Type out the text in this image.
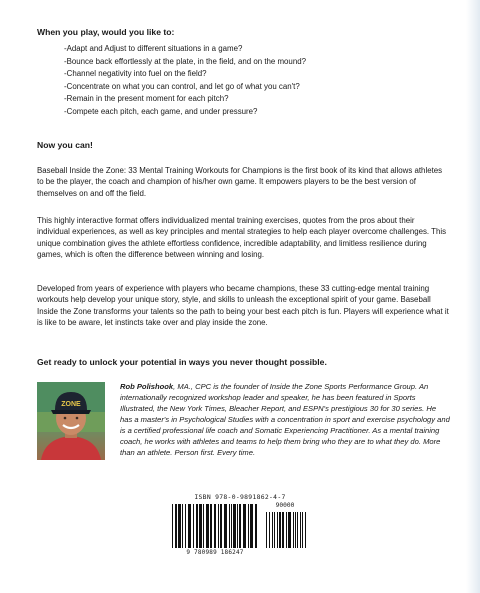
When you play, would you like to:
-Adapt and Adjust to different situations in a game?
-Bounce back effortlessly at the plate, in the field, and on the mound?
-Channel negativity into fuel on the field?
-Concentrate on what you can control, and let go of what you can't?
-Remain in the present moment for each pitch?
-Compete each pitch, each game, and under pressure?
Now you can!

Baseball Inside the Zone: 33 Mental Training Workouts for Champions is the first book of its kind that allows athletes to be the player, the coach and champion of his/her own game. It empowers players to be the best version of themselves on and off the field.

This highly interactive format offers individualized mental training exercises, quotes from the pros about their individual experiences, as well as key principles and mental strategies to help each player overcome challenges. This unique combination gives the athlete effortless confidence, incredible adaptability, and limitless resilience during games, which is often the difference between winning and losing.

Developed from years of experience with players who became champions, these 33 cutting-edge mental training workouts help develop your unique story, style, and skills to unleash the exceptional spirit of your game. Baseball Inside the Zone transforms your talents so the path to being your best each pitch is fun. Players will experience what it is like to be aware, let instincts take over and play inside the zone.

Get ready to unlock your potential in ways you never thought possible.
ZONE

Rob Polishook, MA., CPC is the founder of Inside the Zone Sports Performance Group. An internationally recognized workshop leader and speaker, he has been featured in Sports Illustrated, the New York Times, Bleacher Report, and ESPN's prestigious 30 for 30 series. He has a master's in Psychological Studies with a concentration in sport and exercise psychology and is a certified professional life coach and Somatic Experiencing Practitioner. As a mental training coach, he works with athletes and teams to help them bring who they are to what they do. More than an athlete. Person first. Every time.

ISBN 978-0-9891862-4-7
90000
9 780989 186247
